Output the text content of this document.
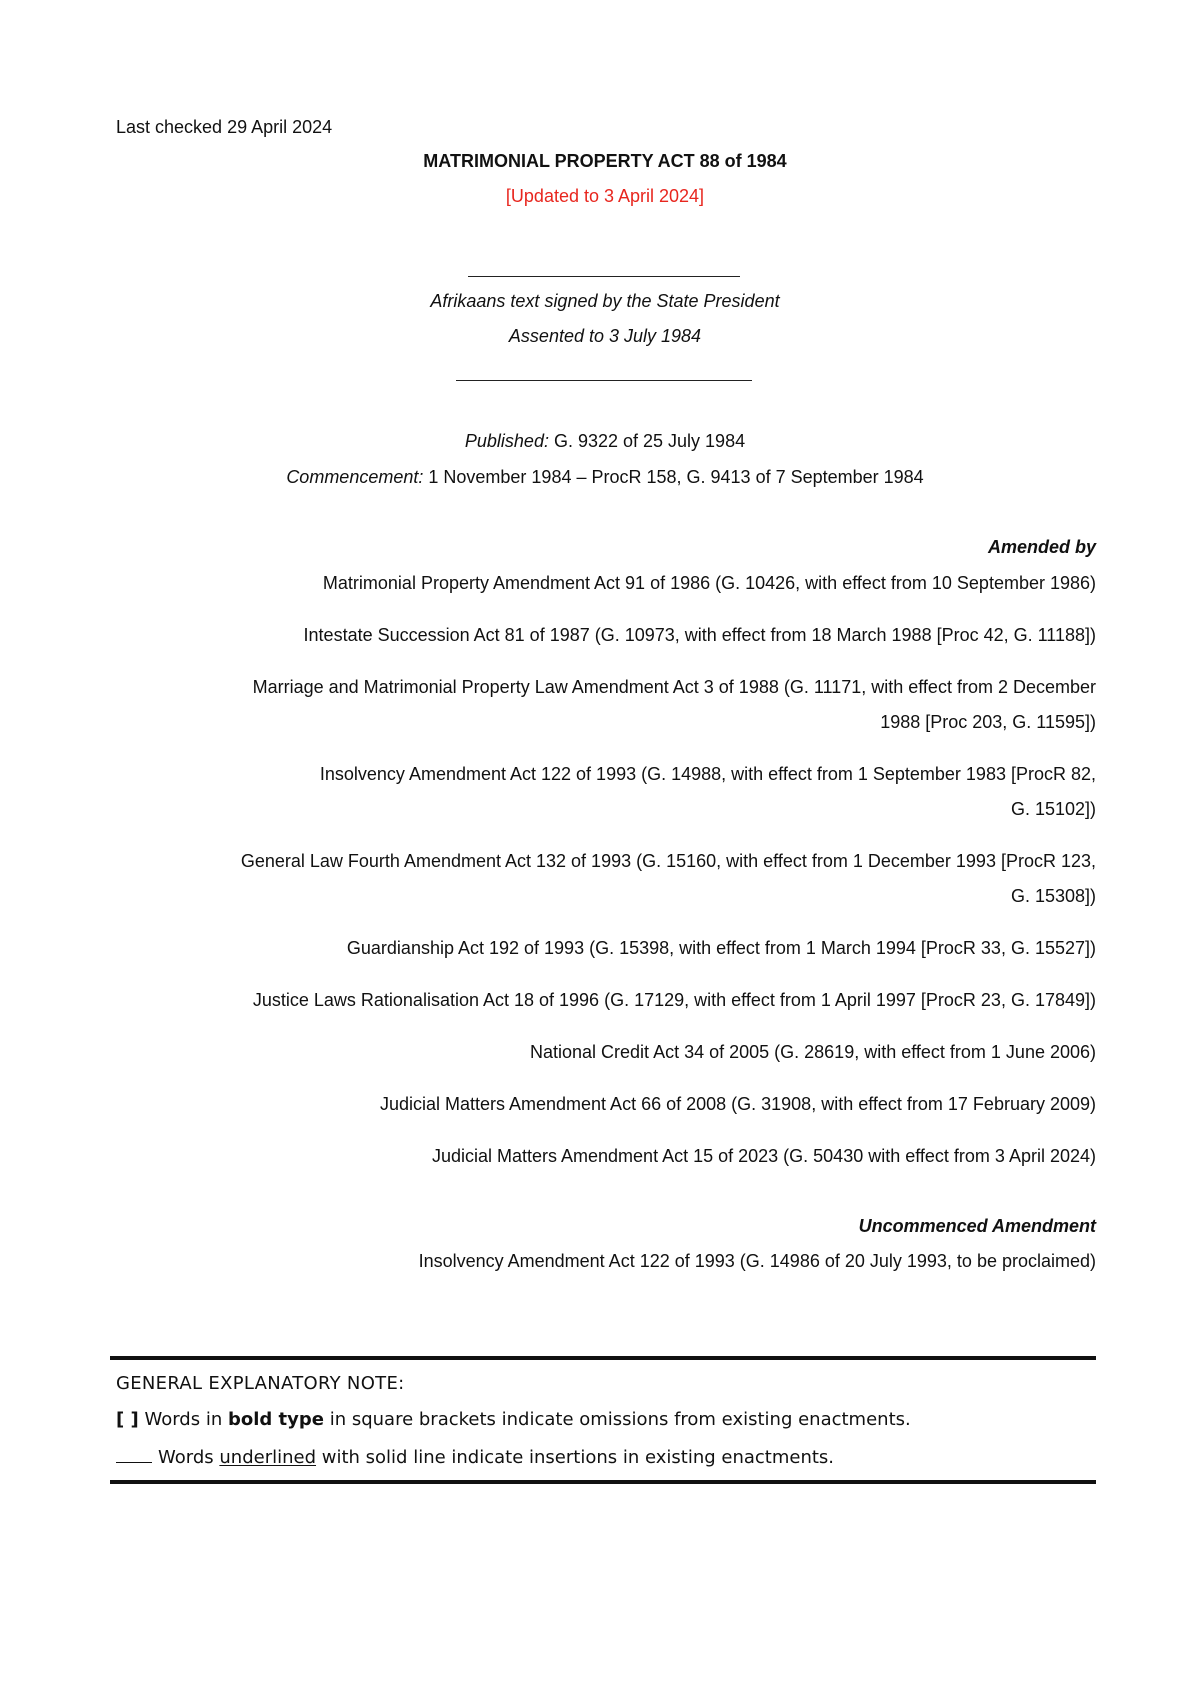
Last checked 29 April 2024
MATRIMONIAL PROPERTY ACT 88 of 1984
[Updated to 3 April 2024]
Afrikaans text signed by the State President
Assented to 3 July 1984
Published: G. 9322 of 25 July 1984
Commencement: 1 November 1984 – ProcR 158, G. 9413 of 7 September 1984
Amended by
Matrimonial Property Amendment Act 91 of 1986 (G. 10426, with effect from 10 September 1986)
Intestate Succession Act 81 of 1987 (G. 10973, with effect from 18 March 1988 [Proc 42, G. 11188])
Marriage and Matrimonial Property Law Amendment Act 3 of 1988 (G. 11171, with effect from 2 December
1988 [Proc 203, G. 11595])
Insolvency Amendment Act 122 of 1993 (G. 14988, with effect from 1 September 1983 [ProcR 82,
G. 15102])
General Law Fourth Amendment Act 132 of 1993 (G. 15160, with effect from 1 December 1993 [ProcR 123,
G. 15308])
Guardianship Act 192 of 1993 (G. 15398, with effect from 1 March 1994 [ProcR 33, G. 15527])
Justice Laws Rationalisation Act 18 of 1996 (G. 17129, with effect from 1 April 1997 [ProcR 23, G. 17849])
National Credit Act 34 of 2005 (G. 28619, with effect from 1 June 2006)
Judicial Matters Amendment Act 66 of 2008 (G. 31908, with effect from 17 February 2009)
Judicial Matters Amendment Act 15 of 2023 (G. 50430 with effect from 3 April 2024)
Uncommenced Amendment
Insolvency Amendment Act 122 of 1993 (G. 14986 of 20 July 1993, to be proclaimed)
GENERAL EXPLANATORY NOTE:
[ ] Words in bold type in square brackets indicate omissions from existing enactments.
Words underlined with solid line indicate insertions in existing enactments.
